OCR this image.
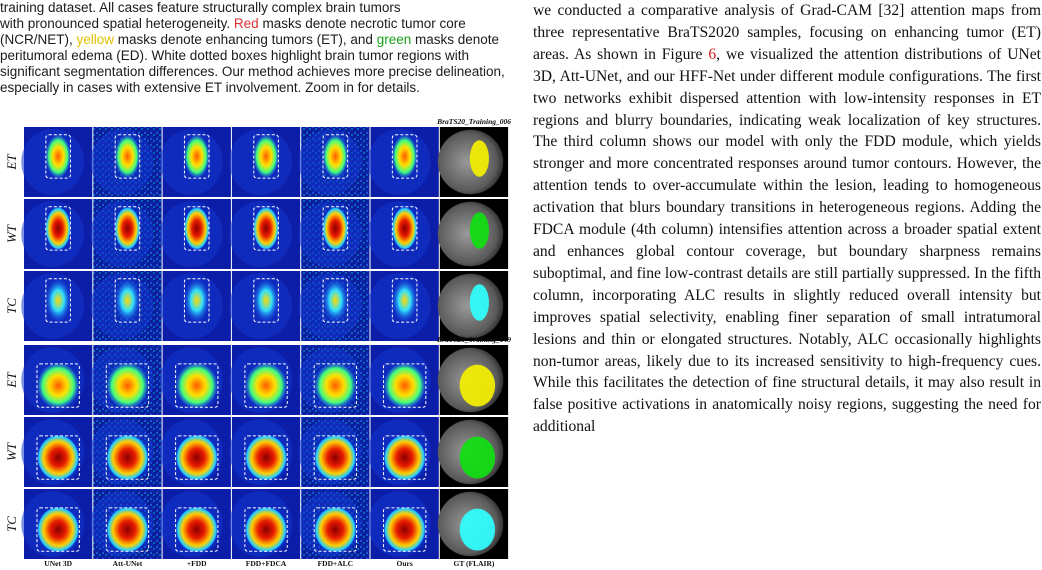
training dataset. All cases feature structurally complex brain tumors
with pronounced spatial heterogeneity. Red masks denote necrotic tumor core (NCR/NET), yellow masks denote enhancing tumors (ET), and green masks denote peritumoral edema (ED). White dotted boxes highlight brain tumor regions with significant segmentation differences. Our method achieves more precise delineation, especially in cases with extensive ET involvement. Zoom in for details.
ET
WT
TC
ET
WT
TC
UNet 3D	Att-UNet	+FDD	FDD+FDCA	FDD+ALC	Ours	GT (FLAIR)
BraTS20_Training_006
BraTS20_Training_149

we conducted a comparative analysis of Grad-CAM [32] attention maps from three representative BraTS2020 samples, focusing on enhancing tumor (ET) areas. As shown in Figure 6, we visualized the attention distributions of UNet 3D, Att-UNet, and our HFF-Net under different module configurations. The first two networks exhibit dispersed attention with low-intensity responses in ET regions and blurry boundaries, indicating weak localization of key structures. The third column shows our model with only the FDD module, which yields stronger and more concentrated responses around tumor contours. However, the attention tends to over-accumulate within the lesion, leading to homogeneous activation that blurs boundary transitions in heterogeneous regions. Adding the FDCA module (4th column) intensifies attention across a broader spatial extent and enhances global contour coverage, but boundary sharpness remains suboptimal, and fine low-contrast details are still partially suppressed. In the fifth column, incorporating ALC results in slightly reduced overall intensity but improves spatial selectivity, enabling finer separation of small intratumoral lesions and thin or elongated structures. Notably, ALC occasionally highlights non-tumor areas, likely due to its increased sensitivity to high-frequency cues. While this facilitates the detection of fine structural details, it may also result in false positive activations in anatomically noisy regions, suggesting the need for additional
